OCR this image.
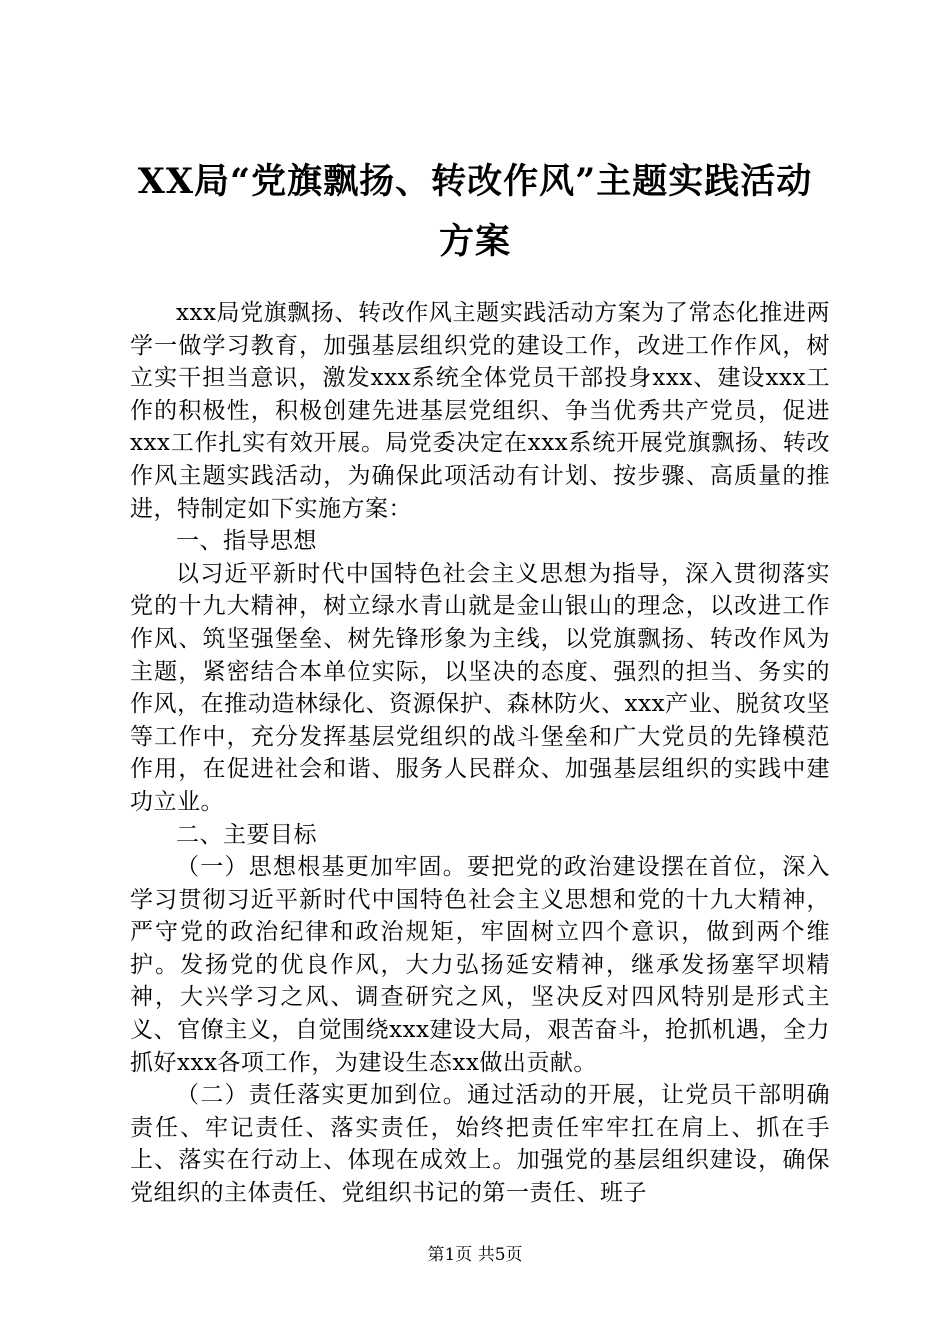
XX局“党旗飘扬、转改作风”主题实践活动
方案

xxx局党旗飘扬、转改作风主题实践活动方案为了常态化推进两学一做学习教育，加强基层组织党的建设工作，改进工作作风，树立实干担当意识，激发xxx系统全体党员干部投身xxx、建设xxx工作的积极性，积极创建先进基层党组织、争当优秀共产党员，促进xxx工作扎实有效开展。局党委决定在xxx系统开展党旗飘扬、转改作风主题实践活动，为确保此项活动有计划、按步骤、高质量的推进，特制定如下实施方案：

一、指导思想

以习近平新时代中国特色社会主义思想为指导，深入贯彻落实党的十九大精神，树立绿水青山就是金山银山的理念，以改进工作作风、筑坚强堡垒、树先锋形象为主线，以党旗飘扬、转改作风为主题，紧密结合本单位实际，以坚决的态度、强烈的担当、务实的作风，在推动造林绿化、资源保护、森林防火、xxx产业、脱贫攻坚等工作中，充分发挥基层党组织的战斗堡垒和广大党员的先锋模范作用，在促进社会和谐、服务人民群众、加强基层组织的实践中建功立业。

二、主要目标

（一）思想根基更加牢固。要把党的政治建设摆在首位，深入学习贯彻习近平新时代中国特色社会主义思想和党的十九大精神，严守党的政治纪律和政治规矩，牢固树立四个意识，做到两个维护。发扬党的优良作风，大力弘扬延安精神，继承发扬塞罕坝精神，大兴学习之风、调查研究之风，坚决反对四风特别是形式主义、官僚主义，自觉围绕xxx建设大局，艰苦奋斗，抢抓机遇，全力抓好xxx各项工作，为建设生态xx做出贡献。

（二）责任落实更加到位。通过活动的开展，让党员干部明确责任、牢记责任、落实责任，始终把责任牢牢扛在肩上、抓在手上、落实在行动上、体现在成效上。加强党的基层组织建设，确保党组织的主体责任、党组织书记的第一责任、班子

第1页 共5页
